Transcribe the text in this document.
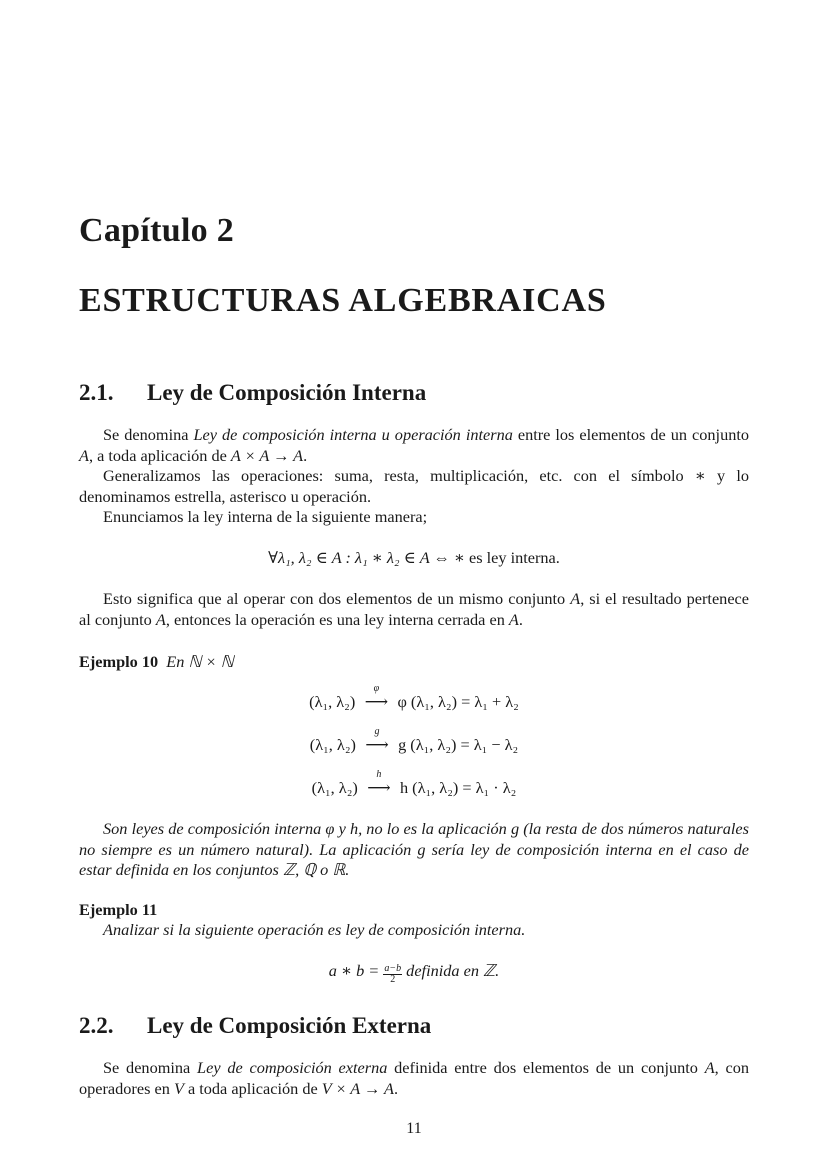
Capítulo 2
ESTRUCTURAS ALGEBRAICAS
2.1. Ley de Composición Interna
Se denomina Ley de composición interna u operación interna entre los elementos de un conjunto A, a toda aplicación de A × A → A.
Generalizamos las operaciones: suma, resta, multiplicación, etc. con el símbolo ∗ y lo denominamos estrella, asterisco u operación.
Enunciamos la ley interna de la siguiente manera;
∀λ₁, λ₂ ∈ A : λ₁ ∗ λ₂ ∈ A ⇔ ∗ es ley interna.
Esto significa que al operar con dos elementos de un mismo conjunto A, si el resultado pertenece al conjunto A, entonces la operación es una ley interna cerrada en A.
Ejemplo 10 En ℕ × ℕ
(λ₁, λ₂)
φ
⟶ φ (λ₁, λ₂) = λ₁ + λ₂
(λ₁, λ₂)
g
⟶ g (λ₁, λ₂) = λ₁ − λ₂
(λ₁, λ₂)
h
⟶ h (λ₁, λ₂) = λ₁ · λ₂
Son leyes de composición interna φ y h, no lo es la aplicación g (la resta de dos números naturales no siempre es un número natural). La aplicación g sería ley de composición interna en el caso de estar definida en los conjuntos ℤ, ℚ o ℝ.
Ejemplo 11
Analizar si la siguiente operación es ley de composición interna.
a ∗ $b = \frac{a-b}{2}$ definida en ℤ.
2.2. Ley de Composición Externa
Se denomina Ley de composición externa definida entre dos elementos de un conjunto A, con operadores en V a toda aplicación de V × A → A.
11
